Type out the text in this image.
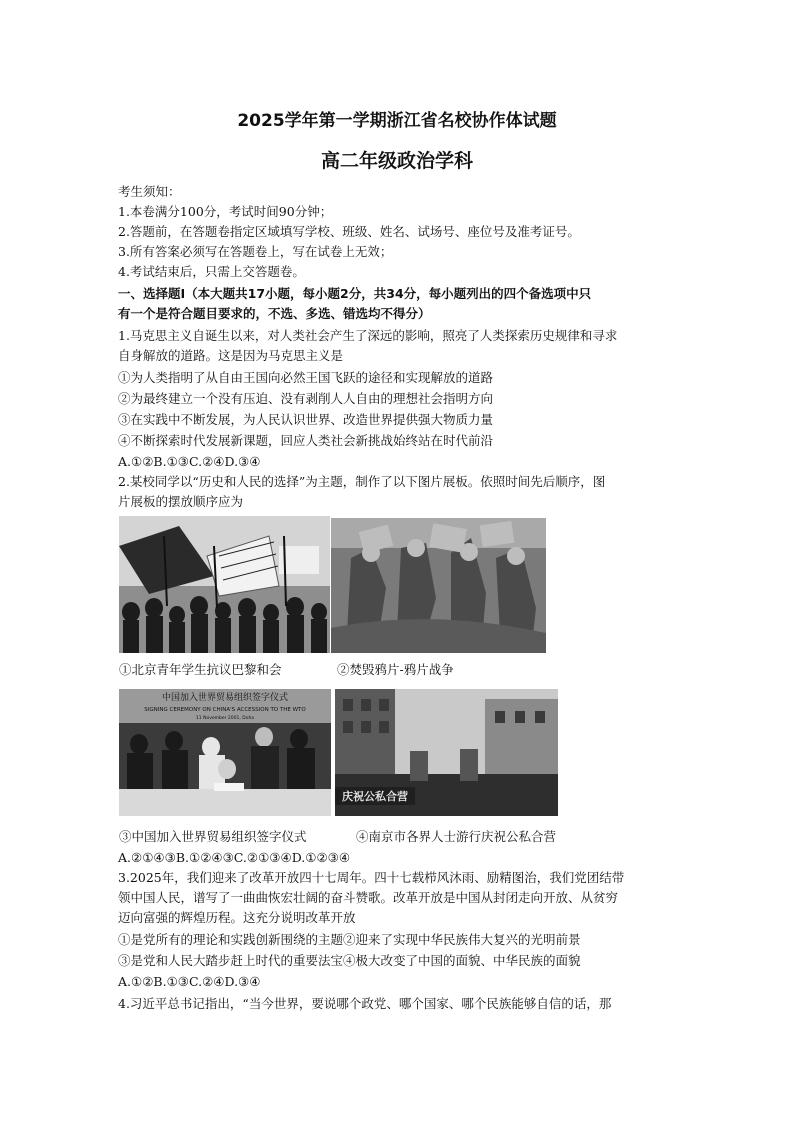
2025学年第一学期浙江省名校协作体试题
高二年级政治学科
考生须知：
1.本卷满分100分，考试时间90分钟；
2.答题前，在答题卷指定区域填写学校、班级、姓名、试场号、座位号及准考证号。
3.所有答案必须写在答题卷上，写在试卷上无效；
4.考试结束后，只需上交答题卷。
一、选择题Ⅰ（本大题共17小题，每小题2分，共34分，每小题列出的四个备选项中只
有一个是符合题目要求的，不选、多选、错选均不得分）
1.马克思主义自诞生以来，对人类社会产生了深远的影响，照亮了人类探索历史规律和寻求
自身解放的道路。这是因为马克思主义是
①为人类指明了从自由王国向必然王国飞跃的途径和实现解放的道路
②为最终建立一个没有压迫、没有剥削人人自由的理想社会指明方向
③在实践中不断发展，为人民认识世界、改造世界提供强大物质力量
④不断探索时代发展新课题，回应人类社会新挑战始终站在时代前沿
A.①②B.①③C.②④D.③④
2.某校同学以“历史和人民的选择”为主题，制作了以下图片展板。依照时间先后顺序，图
片展板的摆放顺序应为
①北京青年学生抗议巴黎和会	②焚毁鸦片-鸦片战争
中国加入世界贸易组织签字仪式
SIGNING CEREMONY ON CHINA'S ACCESSION TO THE WTO
11 November 2001, Doha
庆祝公私合营
③中国加入世界贸易组织签字仪式	④南京市各界人士游行庆祝公私合营
A.②①④③B.①②④③C.②①③④D.①②③④
3.2025年，我们迎来了改革开放四十七周年。四十七载栉风沐雨、励精图治，我们党团结带
领中国人民，谱写了一曲曲恢宏壮阔的奋斗赞歌。改革开放是中国从封闭走向开放、从贫穷
迈向富强的辉煌历程。这充分说明改革开放
①是党所有的理论和实践创新围绕的主题②迎来了实现中华民族伟大复兴的光明前景
③是党和人民大踏步赶上时代的重要法宝④极大改变了中国的面貌、中华民族的面貌
A.①②B.①③C.②④D.③④
4.习近平总书记指出，“当今世界，要说哪个政党、哪个国家、哪个民族能够自信的话，那
